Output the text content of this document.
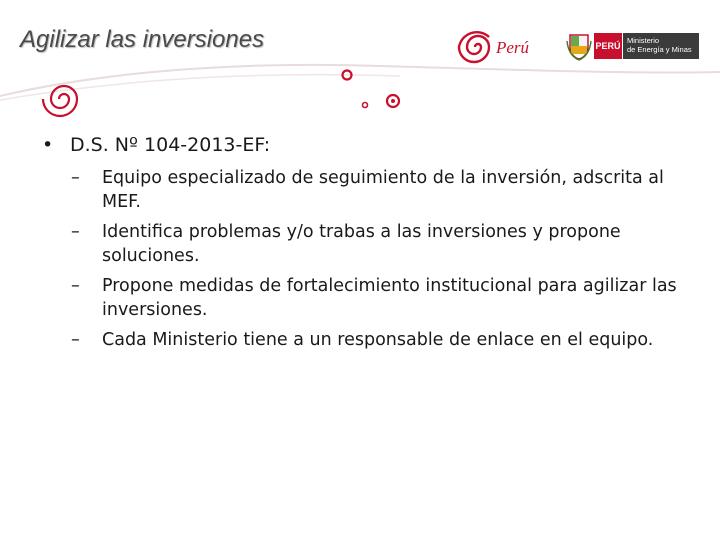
Agilizar las inversiones	Perú	PERÚ
Ministerio
de Energía y Minas
• D.S. Nº 104-2013-EF:
– Equipo especializado de seguimiento de la inversión, adscrita al MEF.
– Identifica problemas y/o trabas a las inversiones y propone soluciones.
– Propone medidas de fortalecimiento institucional para agilizar las inversiones.
– Cada Ministerio tiene a un responsable de enlace en el equipo.
